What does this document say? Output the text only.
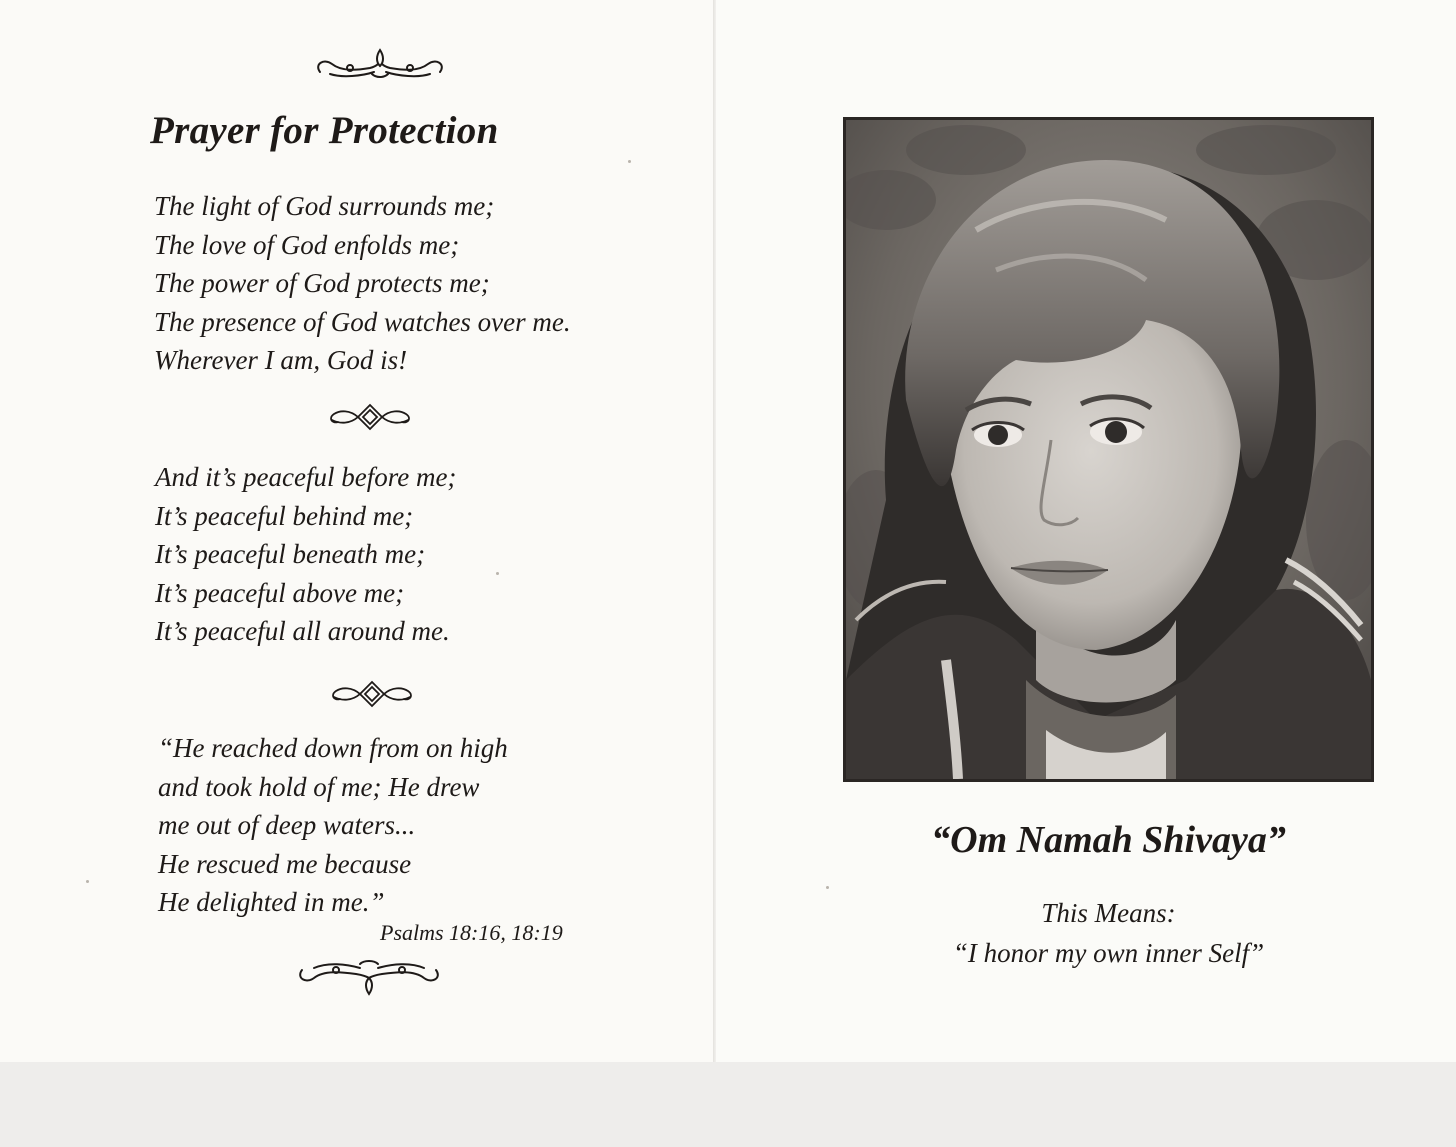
Prayer for Protection
The light of God surrounds me;
The love of God enfolds me;
The power of God protects me;
The presence of God watches over me.
Wherever I am, God is!
And it’s peaceful before me;
It’s peaceful behind me;
It’s peaceful beneath me;
It’s peaceful above me;
It’s peaceful all around me.
“He reached down from on high
and took hold of me; He drew
me out of deep waters...
He rescued me because
He delighted in me.”
Psalms 18:16, 18:19
“Om Namah Shivaya”
This Means:
“I honor my own inner Self”
